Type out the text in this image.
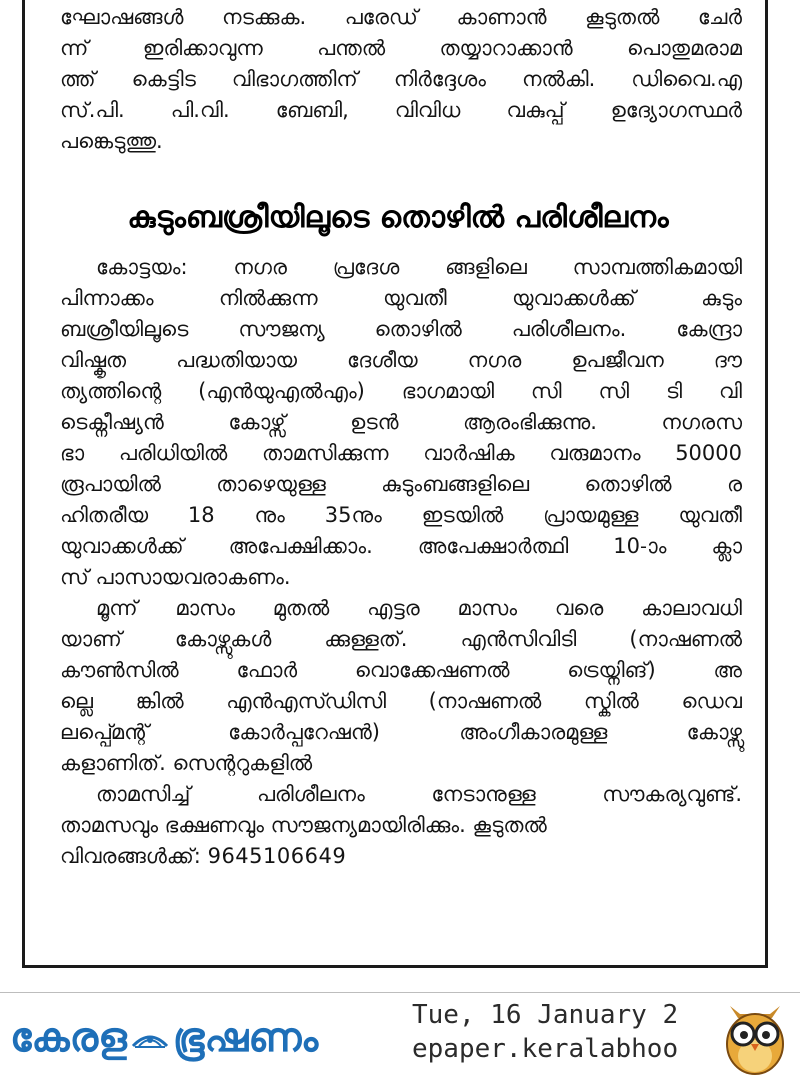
ഘോഷങ്ങൾ നടക്കുക. പരേഡ് കാണാൻ കൂടുതൽ ചേർ
ന്ന് ഇരിക്കാവുന്ന പന്തൽ തയ്യാറാക്കാൻ പൊതുമരാമ
ത്ത് കെട്ടിട വിഭാഗത്തിന് നിർദ്ദേശം നൽകി. ഡിവൈ.എ
സ്.പി. പി.വി. ബേബി, വിവിധ വകുപ്പ് ഉദ്യോഗസ്ഥർ
പങ്കെടുത്തു.
കുടുംബശ്രീയിലൂടെ തൊഴിൽ പരിശീലനം
കോട്ടയം: നഗര പ്രദേശ ങ്ങളിലെ സാമ്പത്തികമായി
പിന്നാക്കം നിൽക്കുന്ന യുവതീ യുവാക്കൾക്ക് കുടും
ബശ്രീയിലൂടെ സൗജന്യ തൊഴിൽ പരിശീലനം. കേന്ദ്രാ
വിഷ്കൃത പദ്ധതിയായ ദേശീയ നഗര ഉപജീവന ദൗ
ത്യത്തിന്റെ (എൻയുഎൽഎം) ഭാഗമായി സി സി ടി വി
ടെക്നീഷ്യൻ കോഴ്സ് ഉടൻ ആരംഭിക്കുന്നു. നഗരസ
ഭാ പരിധിയിൽ താമസിക്കുന്ന വാർഷിക വരുമാനം 50000
രൂപായിൽ താഴെയുള്ള കുടുംബങ്ങളിലെ തൊഴിൽ ര
ഹിതരീയ 18 നും 35നും ഇടയിൽ പ്രായമുള്ള യുവതീ
യുവാക്കൾക്ക് അപേക്ഷിക്കാം. അപേക്ഷാർത്ഥി 10-ാം ക്ലാ
സ് പാസായവരാകണം.
മൂന്ന് മാസം മുതൽ എട്ടര മാസം വരെ കാലാവധി
യാണ് കോഴ്സുകൾ ക്കുള്ളത്. എൻസിവിടി (നാഷണൽ
കൗൺസിൽ ഫോർ വൊക്കേഷണൽ ട്രെയ്നിങ്) അ
ല്ലെ ങ്കിൽ എൻഎസ്ഡിസി (നാഷണൽ സ്കിൽ ഡെവ
ലപ്പ്മെന്റ് കോർപ്പറേഷൻ) അംഗീകാരമുള്ള കോഴ്സു
കളാണിത്. സെന്ററുകളിൽ
താമസിച്ച് പരിശീലനം നേടാനുള്ള സൗകര്യവുണ്ട്.
താമസവും ഭക്ഷണവും സൗജന്യമായിരിക്കും. കൂടുതൽ
വിവരങ്ങൾക്ക്: 9645106649
കേരള ഭൂഷണം	Tue, 16 January 2
epaper.keralabhoo
